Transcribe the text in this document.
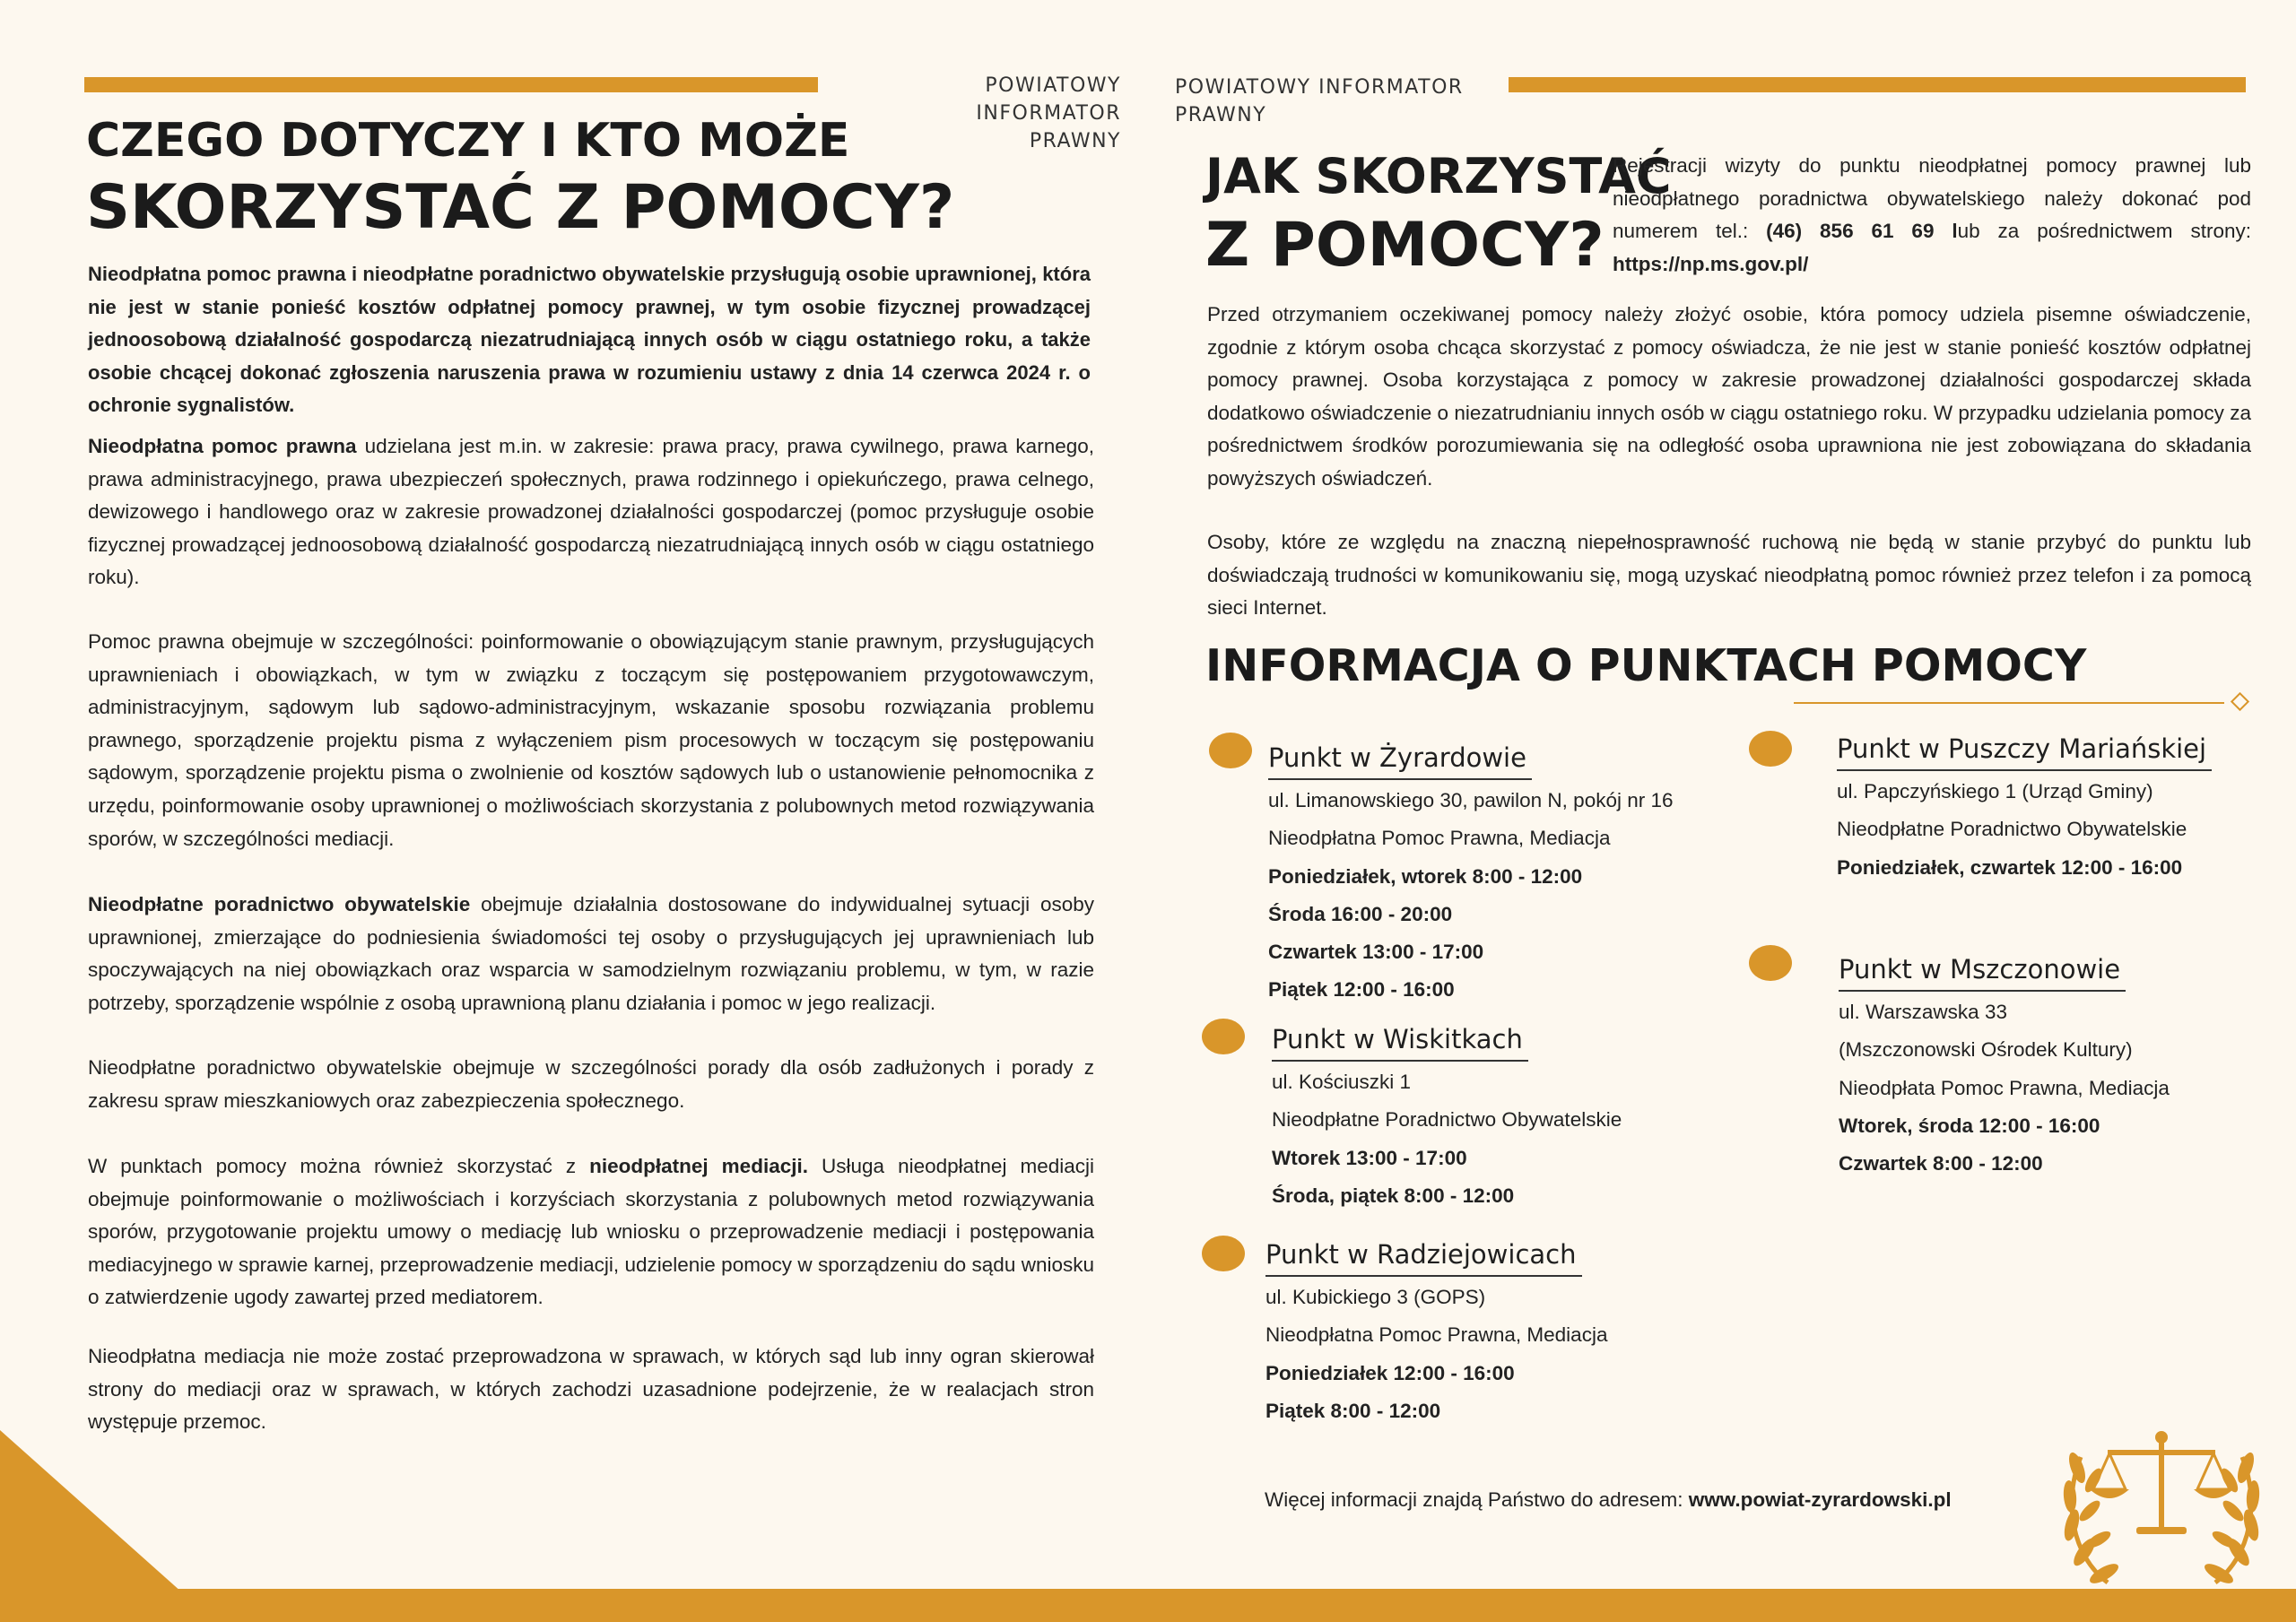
POWIATOWY INFORMATOR
PRAWNY
CZEGO DOTYCZY I KTO MOŻE
SKORZYSTAĆ Z POMOCY?
Nieodpłatna pomoc prawna i nieodpłatne poradnictwo obywatelskie przysługują osobie uprawnionej, która nie jest w stanie ponieść kosztów odpłatnej pomocy prawnej, w tym osobie fizycznej prowadzącej jednoosobową działalność gospodarczą niezatrudniającą innych osób w ciągu ostatniego roku, a także osobie chcącej dokonać zgłoszenia naruszenia prawa w rozumieniu ustawy z dnia 14 czerwca 2024 r. o ochronie sygnalistów.
Nieodpłatna pomoc prawna udzielana jest m.in. w zakresie: prawa pracy, prawa cywilnego, prawa karnego, prawa administracyjnego, prawa ubezpieczeń społecznych, prawa rodzinnego i opiekuńczego, prawa celnego, dewizowego i handlowego oraz w zakresie prowadzonej działalności gospodarczej (pomoc przysługuje osobie fizycznej prowadzącej jednoosobową działalność gospodarczą niezatrudniającą innych osób w ciągu ostatniego roku).
Pomoc prawna obejmuje w szczególności: poinformowanie o obowiązującym stanie prawnym, przysługujących uprawnieniach i obowiązkach, w tym w związku z toczącym się postępowaniem przygotowawczym, administracyjnym, sądowym lub sądowo-administracyjnym, wskazanie sposobu rozwiązania problemu prawnego, sporządzenie projektu pisma z wyłączeniem pism procesowych w toczącym się postępowaniu sądowym, sporządzenie projektu pisma o zwolnienie od kosztów sądowych lub o ustanowienie pełnomocnika z urzędu, poinformowanie osoby uprawnionej o możliwościach skorzystania z polubownych metod rozwiązywania sporów, w szczególności mediacji.
Nieodpłatne poradnictwo obywatelskie obejmuje działalnia dostosowane do indywidualnej sytuacji osoby uprawnionej, zmierzające do podniesienia świadomości tej osoby o przysługujących jej uprawnieniach lub spoczywających na niej obowiązkach oraz wsparcia w samodzielnym rozwiązaniu problemu, w tym, w razie potrzeby, sporządzenie wspólnie z osobą uprawnioną planu działania i pomoc w jego realizacji.
Nieodpłatne poradnictwo obywatelskie obejmuje w szczególności porady dla osób zadłużonych i porady z zakresu spraw mieszkaniowych oraz zabezpieczenia społecznego.
W punktach pomocy można również skorzystać z nieodpłatnej mediacji. Usługa nieodpłatnej mediacji obejmuje poinformowanie o możliwościach i korzyściach skorzystania z polubownych metod rozwiązywania sporów, przygotowanie projektu umowy o mediację lub wniosku o przeprowadzenie mediacji i postępowania mediacyjnego w sprawie karnej, przeprowadzenie mediacji, udzielenie pomocy w sporządzeniu do sądu wniosku o zatwierdzenie ugody zawartej przed mediatorem.
Nieodpłatna mediacja nie może zostać przeprowadzona w sprawach, w których sąd lub inny ogran skierował strony do mediacji oraz w sprawach, w których zachodzi uzasadnione podejrzenie, że w realacjach stron występuje przemoc.
POWIATOWY INFORMATOR
PRAWNY
JAK SKORZYSTAĆ
Z POMOCY?
Rejestracji wizyty do punktu nieodpłatnej pomocy prawnej lub nieodpłatnego poradnictwa obywatelskiego należy dokonać pod numerem tel.: (46) 856 61 69 lub za pośrednictwem strony: https://np.ms.gov.pl/
Przed otrzymaniem oczekiwanej pomocy należy złożyć osobie, która pomocy udziela pisemne oświadczenie, zgodnie z którym osoba chcąca skorzystać z pomocy oświadcza, że nie jest w stanie ponieść kosztów odpłatnej pomocy prawnej. Osoba korzystająca z pomocy w zakresie prowadzonej działalności gospodarczej składa dodatkowo oświadczenie o niezatrudnianiu innych osób w ciągu ostatniego roku. W przypadku udzielania pomocy za pośrednictwem środków porozumiewania się na odległość osoba uprawniona nie jest zobowiązana do składania powyższych oświadczeń.
Osoby, które ze względu na znaczną niepełnosprawność ruchową nie będą w stanie przybyć do punktu lub doświadczają trudności w komunikowaniu się, mogą uzyskać nieodpłatną pomoc również przez telefon i za pomocą sieci Internet.
INFORMACJA O PUNKTACH POMOCY
Punkt w Żyrardowie
ul. Limanowskiego 30, pawilon N, pokój nr 16
Nieodpłatna Pomoc Prawna, Mediacja
Poniedziałek, wtorek 8:00 - 12:00
Środa 16:00 - 20:00
Czwartek 13:00 - 17:00
Piątek 12:00 - 16:00
Punkt w Wiskitkach
ul. Kościuszki 1
Nieodpłatne Poradnictwo Obywatelskie
Wtorek 13:00 - 17:00
Środa, piątek 8:00 - 12:00
Punkt w Radziejowicach
ul. Kubickiego 3 (GOPS)
Nieodpłatna Pomoc Prawna, Mediacja
Poniedziałek 12:00 - 16:00
Piątek 8:00 - 12:00
Punkt w Puszczy Mariańskiej
ul. Papczyńskiego 1 (Urząd Gminy)
Nieodpłatne Poradnictwo Obywatelskie
Poniedziałek, czwartek 12:00 - 16:00
Punkt w Mszczonowie
ul. Warszawska 33
(Mszczonowski Ośrodek Kultury)
Nieodpłata Pomoc Prawna, Mediacja
Wtorek, środa 12:00 - 16:00
Czwartek 8:00 - 12:00
Więcej informacji znajdą Państwo do adresem: www.powiat-zyrardowski.pl
